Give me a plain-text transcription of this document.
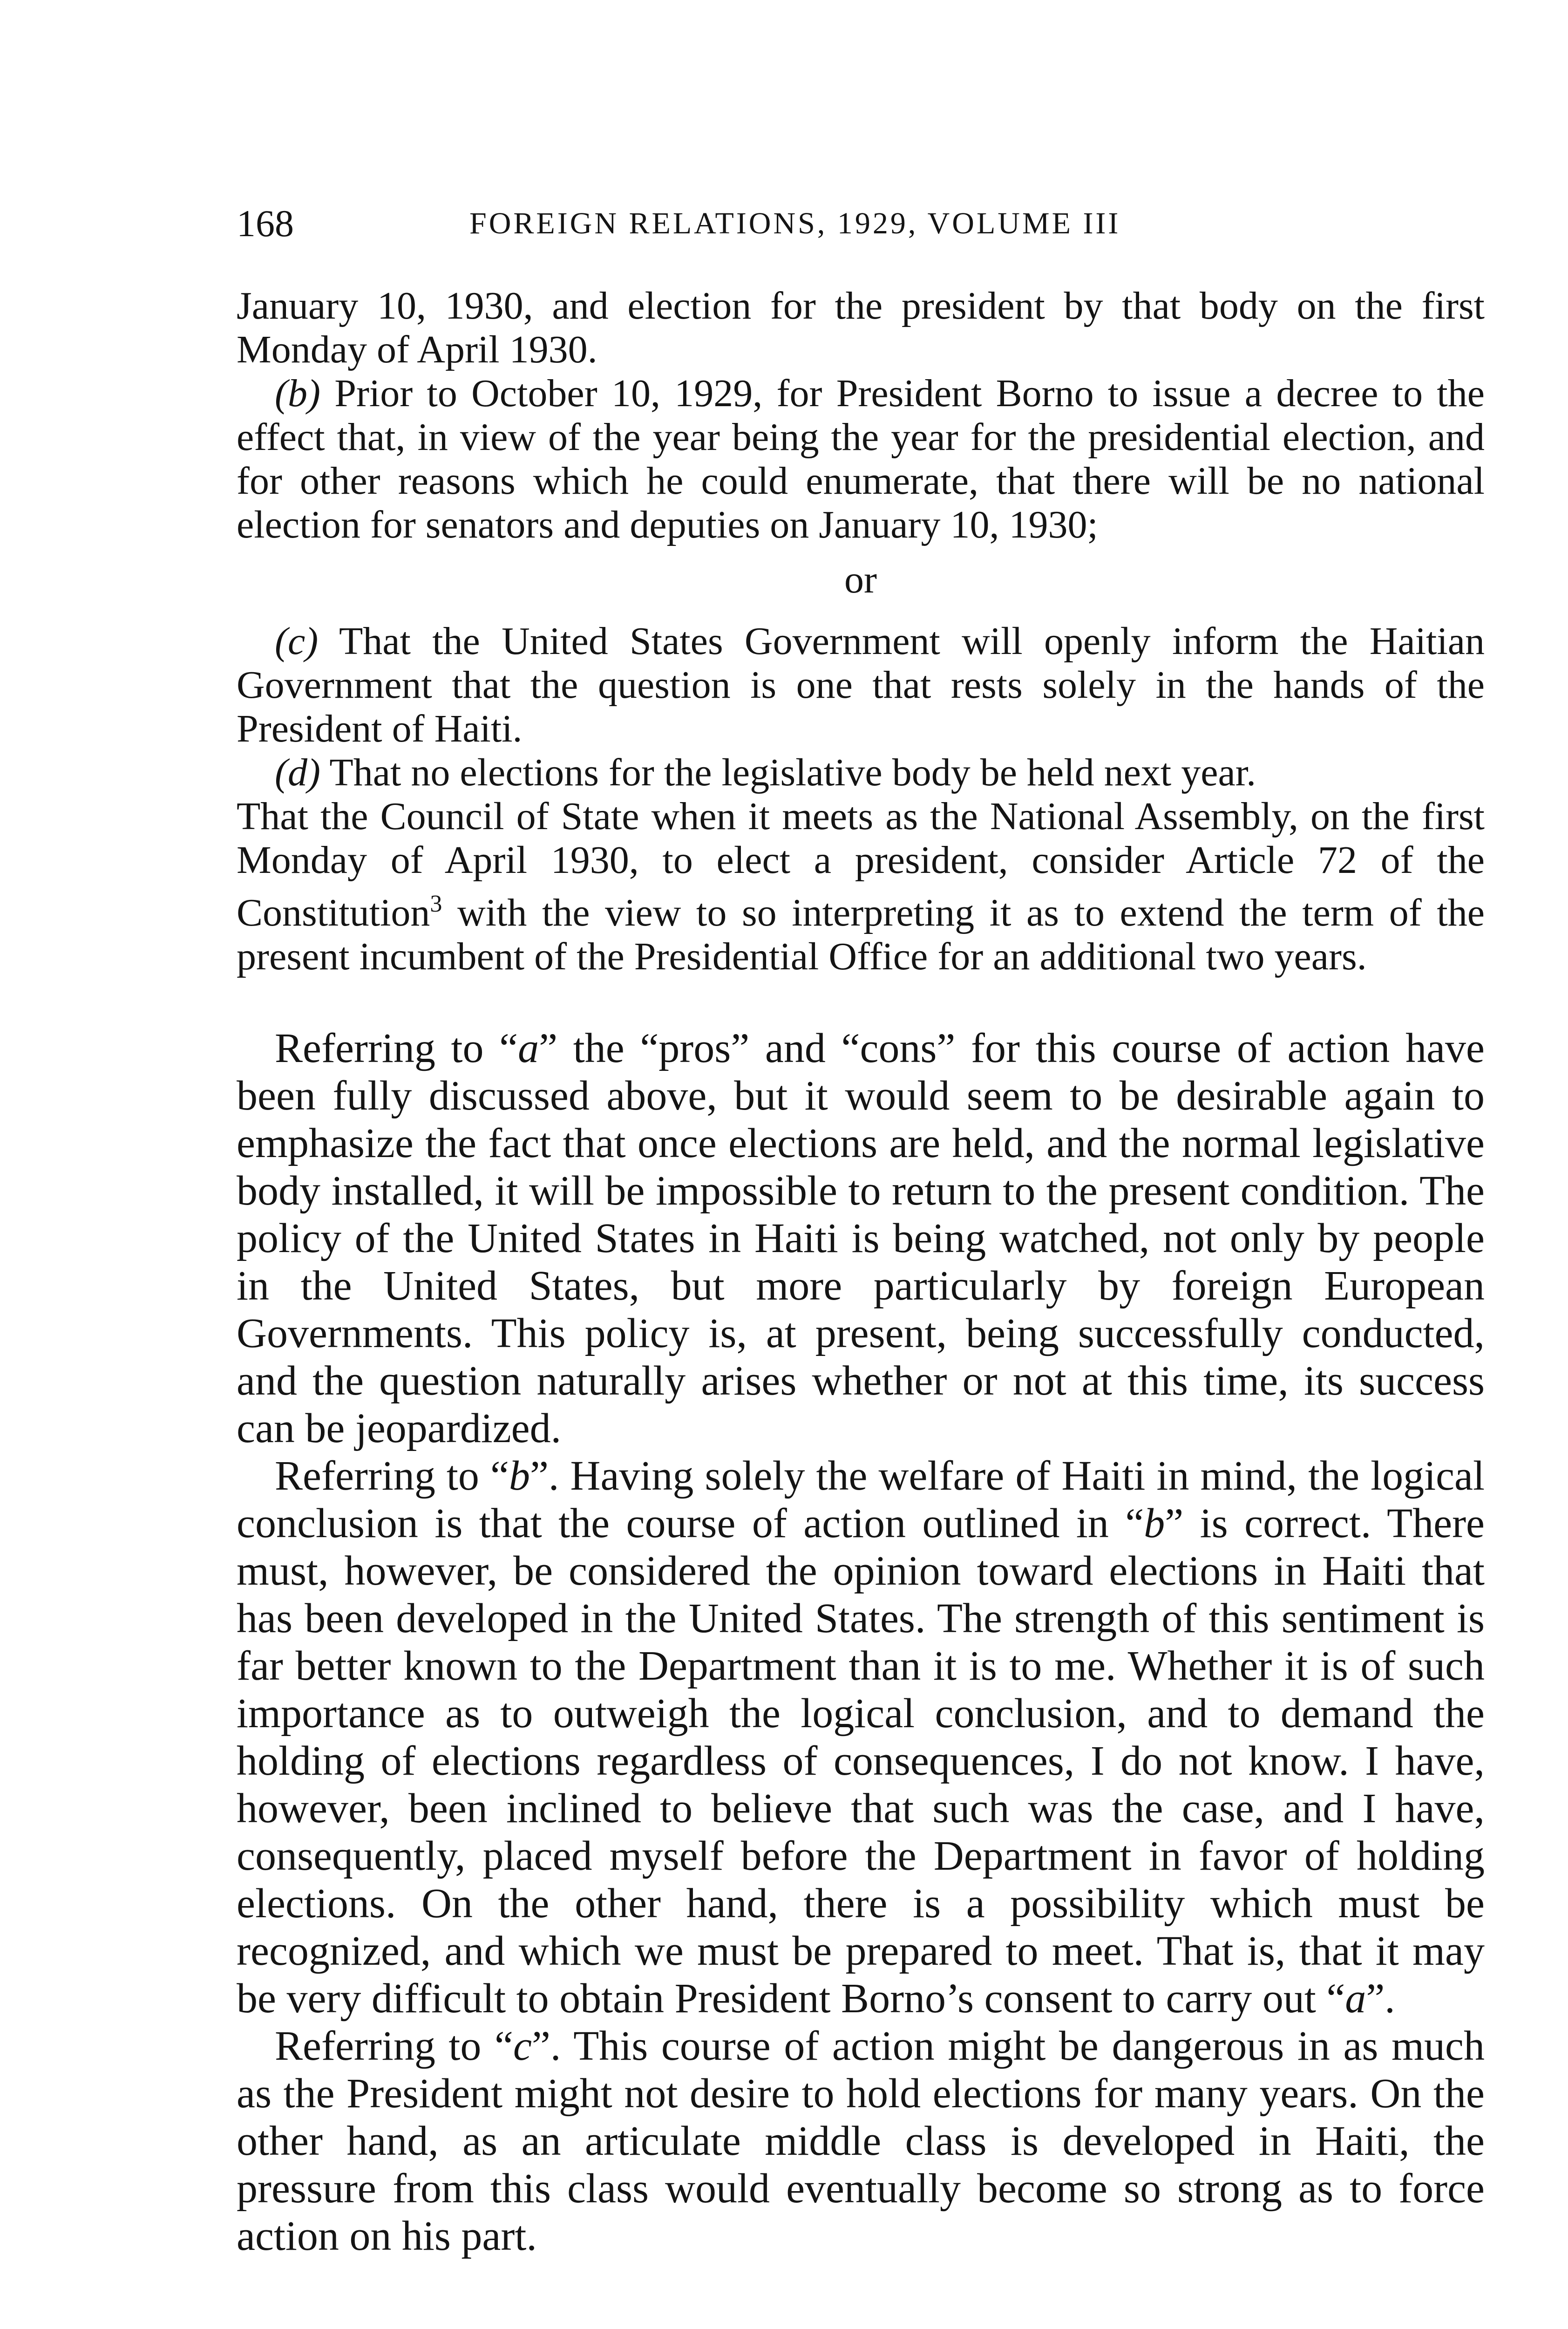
168	FOREIGN RELATIONS, 1929, VOLUME III

January 10, 1930, and election for the president by that body on the first Monday of April 1930.

(b) Prior to October 10, 1929, for President Borno to issue a decree to the effect that, in view of the year being the year for the presidential election, and for other reasons which he could enumerate, that there will be no national election for senators and deputies on January 10, 1930;

or

(c) That the United States Government will openly inform the Haitian Government that the question is one that rests solely in the hands of the President of Haiti.

(d) That no elections for the legislative body be held next year.

That the Council of State when it meets as the National Assembly, on the first Monday of April 1930, to elect a president, consider Article 72 of the Constitution$^3$ with the view to so interpreting it as to extend the term of the present incumbent of the Presidential Office for an additional two years.

Referring to “a” the “pros” and “cons” for this course of action have been fully discussed above, but it would seem to be desirable again to emphasize the fact that once elections are held, and the normal legislative body installed, it will be impossible to return to the present condition. The policy of the United States in Haiti is being watched, not only by people in the United States, but more particularly by foreign European Governments. This policy is, at present, being successfully conducted, and the question naturally arises whether or not at this time, its success can be jeopardized.

Referring to “b”. Having solely the welfare of Haiti in mind, the logical conclusion is that the course of action outlined in “b” is correct. There must, however, be considered the opinion toward elections in Haiti that has been developed in the United States. The strength of this sentiment is far better known to the Department than it is to me. Whether it is of such importance as to outweigh the logical conclusion, and to demand the holding of elections regardless of consequences, I do not know. I have, however, been inclined to believe that such was the case, and I have, consequently, placed myself before the Department in favor of holding elections. On the other hand, there is a possibility which must be recognized, and which we must be prepared to meet. That is, that it may be very difficult to obtain President Borno’s consent to carry out “a”.

Referring to “c”. This course of action might be dangerous in as much as the President might not desire to hold elections for many years. On the other hand, as an articulate middle class is developed in Haiti, the pressure from this class would eventually become so strong as to force action on his part.
